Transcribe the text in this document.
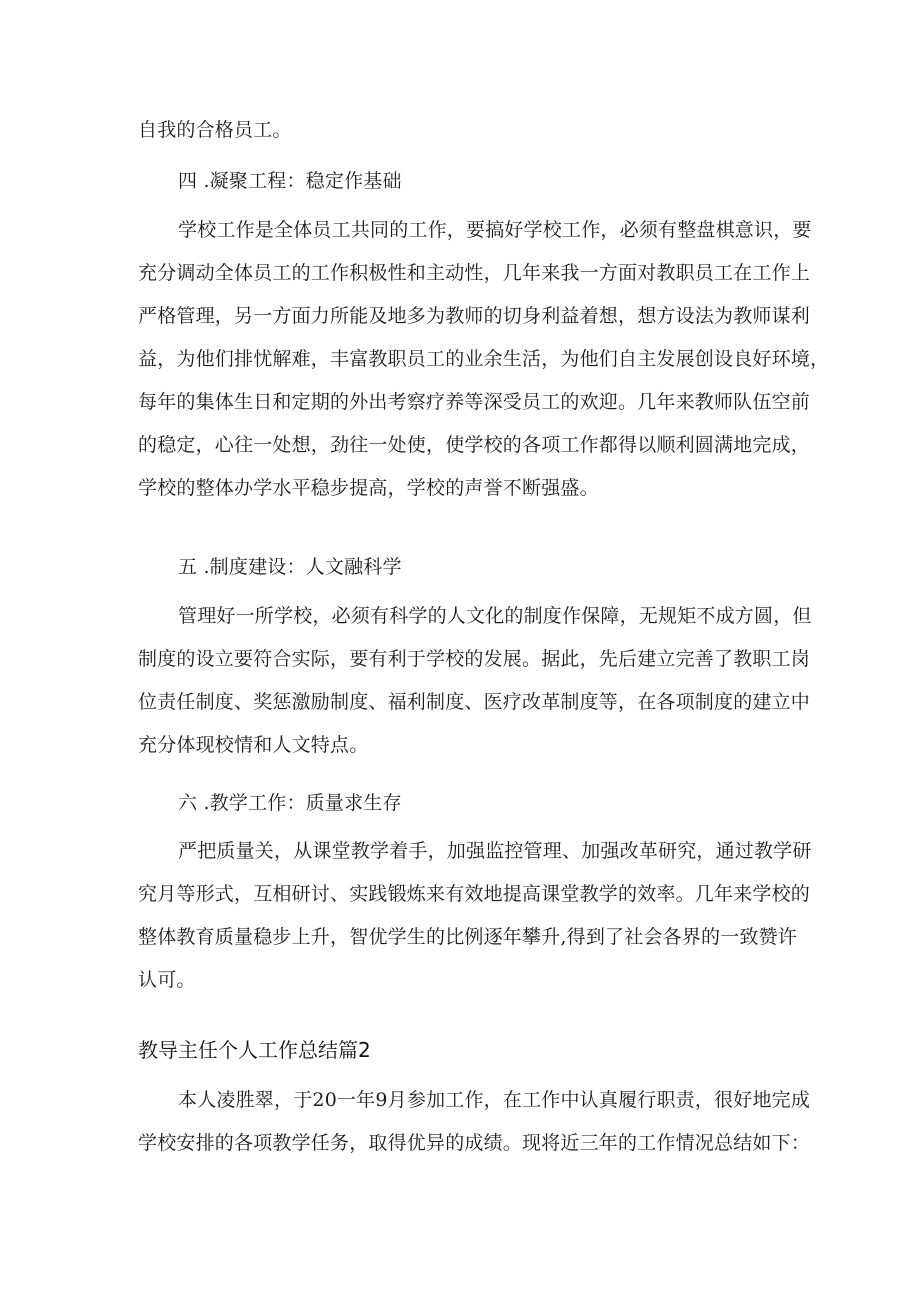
自我的合格员工。
四 .凝聚工程：稳定作基础
学校工作是全体员工共同的工作，要搞好学校工作，必须有整盘棋意识，要
充分调动全体员工的工作积极性和主动性，几年来我一方面对教职员工在工作上
严格管理，另一方面力所能及地多为教师的切身利益着想，想方设法为教师谋利
益，为他们排忧解难，丰富教职员工的业余生活，为他们自主发展创设良好环境，
每年的集体生日和定期的外出考察疗养等深受员工的欢迎。几年来教师队伍空前
的稳定，心往一处想，劲往一处使，使学校的各项工作都得以顺利圆满地完成，
学校的整体办学水平稳步提高，学校的声誉不断强盛。
五 .制度建设：人文融科学
管理好一所学校，必须有科学的人文化的制度作保障，无规矩不成方圆，但
制度的设立要符合实际，要有利于学校的发展。据此，先后建立完善了教职工岗
位责任制度、奖惩激励制度、福利制度、医疗改革制度等，在各项制度的建立中
充分体现校情和人文特点。
六 .教学工作：质量求生存
严把质量关，从课堂教学着手，加强监控管理、加强改革研究，通过教学研
究月等形式，互相研讨、实践锻炼来有效地提高课堂教学的效率。几年来学校的
整体教育质量稳步上升，智优学生的比例逐年攀升,得到了社会各界的一致赞许
认可。
教导主任个人工作总结篇2
本人凌胜翠，于20一年9月参加工作，在工作中认真履行职责，很好地完成
学校安排的各项教学任务，取得优异的成绩。现将近三年的工作情况总结如下：
